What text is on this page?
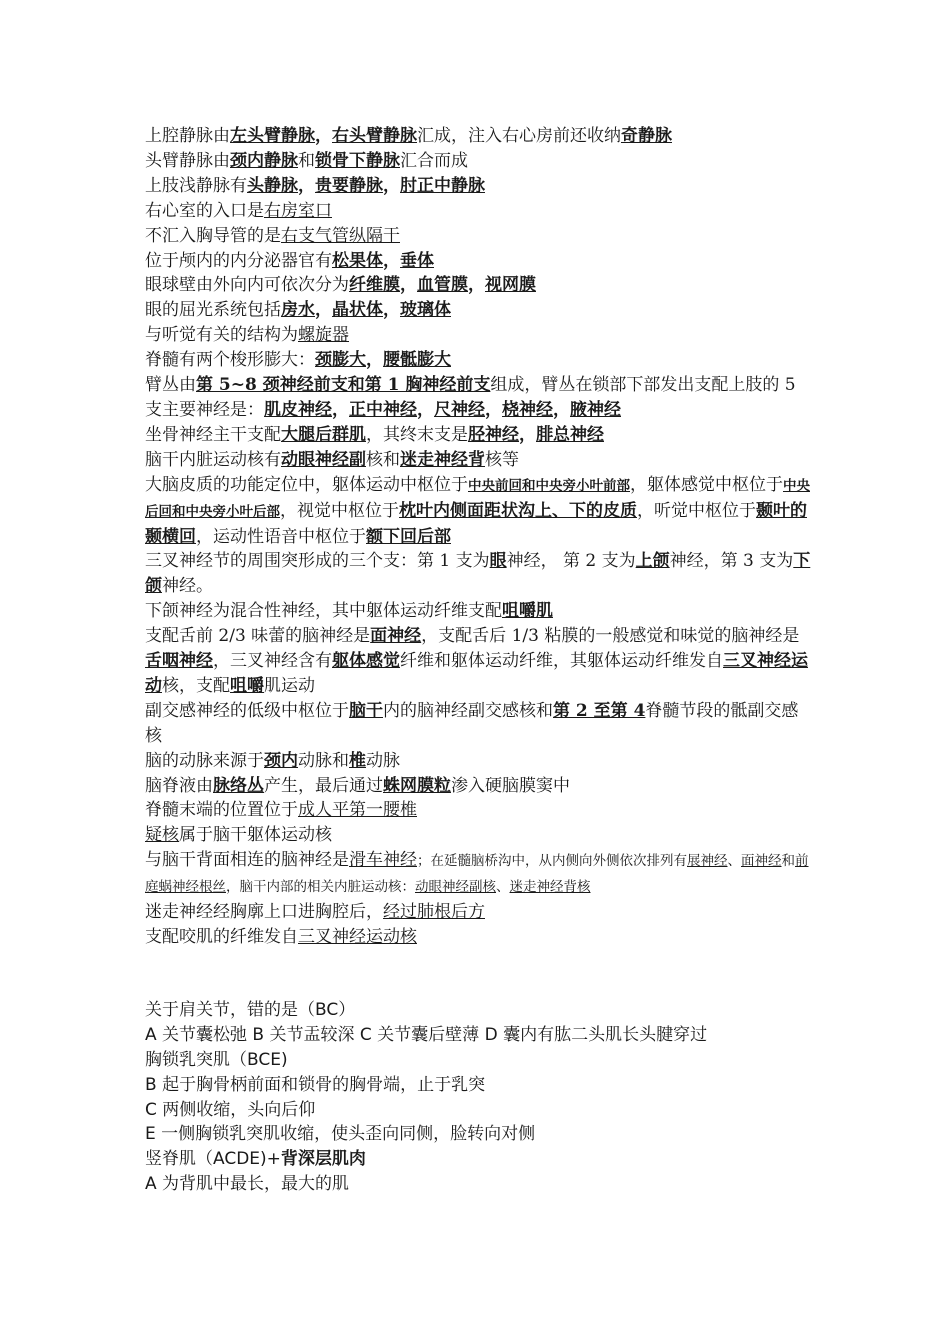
上腔静脉由左头臂静脉，右头臂静脉汇成，注入右心房前还收纳奇静脉

头臂静脉由颈内静脉和锁骨下静脉汇合而成

上肢浅静脉有头静脉，贵要静脉，肘正中静脉

右心室的入口是右房室口

不汇入胸导管的是右支气管纵隔干

位于颅内的内分泌器官有松果体，垂体

眼球壁由外向内可依次分为纤维膜，血管膜，视网膜

眼的屈光系统包括房水，晶状体，玻璃体

与听觉有关的结构为螺旋器

脊髓有两个梭形膨大：颈膨大，腰骶膨大

臂丛由第 5~8 颈神经前支和第 1 胸神经前支组成，臂丛在锁部下部发出支配上肢的 5 支主要神经是：肌皮神经，正中神经，尺神经，桡神经，腋神经

坐骨神经主干支配大腿后群肌，其终末支是胫神经，腓总神经

脑干内脏运动核有动眼神经副核和迷走神经背核等

大脑皮质的功能定位中，躯体运动中枢位于中央前回和中央旁小叶前部，躯体感觉中枢位于中央后回和中央旁小叶后部，视觉中枢位于枕叶内侧面距状沟上、下的皮质，听觉中枢位于颞叶的颞横回，运动性语音中枢位于额下回后部

三叉神经节的周围突形成的三个支：第 1 支为眼神经， 第 2 支为上颌神经，第 3 支为下颌神经。

下颌神经为混合性神经，其中躯体运动纤维支配咀嚼肌

支配舌前 2/3 味蕾的脑神经是面神经，支配舌后 1/3 粘膜的一般感觉和味觉的脑神经是舌咽神经，三叉神经含有躯体感觉纤维和躯体运动纤维，其躯体运动纤维发自三叉神经运动核，支配咀嚼肌运动

副交感神经的低级中枢位于脑干内的脑神经副交感核和第 2 至第 4脊髓节段的骶副交感核

脑的动脉来源于颈内动脉和椎动脉

脑脊液由脉络丛产生，最后通过蛛网膜粒渗入硬脑膜窦中

脊髓末端的位置位于成人平第一腰椎

疑核属于脑干躯体运动核

与脑干背面相连的脑神经是滑车神经；在延髓脑桥沟中，从内侧向外侧依次排列有展神经、面神经和前庭蜗神经根丝，脑干内部的相关内脏运动核：动眼神经副核、迷走神经背核

迷走神经经胸廓上口进胸腔后，经过肺根后方

支配咬肌的纤维发自三叉神经运动核

关于肩关节，错的是（BC）

A 关节囊松弛 B 关节盂较深 C 关节囊后壁薄 D 囊内有肱二头肌长头腱穿过

胸锁乳突肌（BCE)

B 起于胸骨柄前面和锁骨的胸骨端，止于乳突

C 两侧收缩，头向后仰

E 一侧胸锁乳突肌收缩，使头歪向同侧，脸转向对侧

竖脊肌（ACDE)+背深层肌肉

A 为背肌中最长，最大的肌
